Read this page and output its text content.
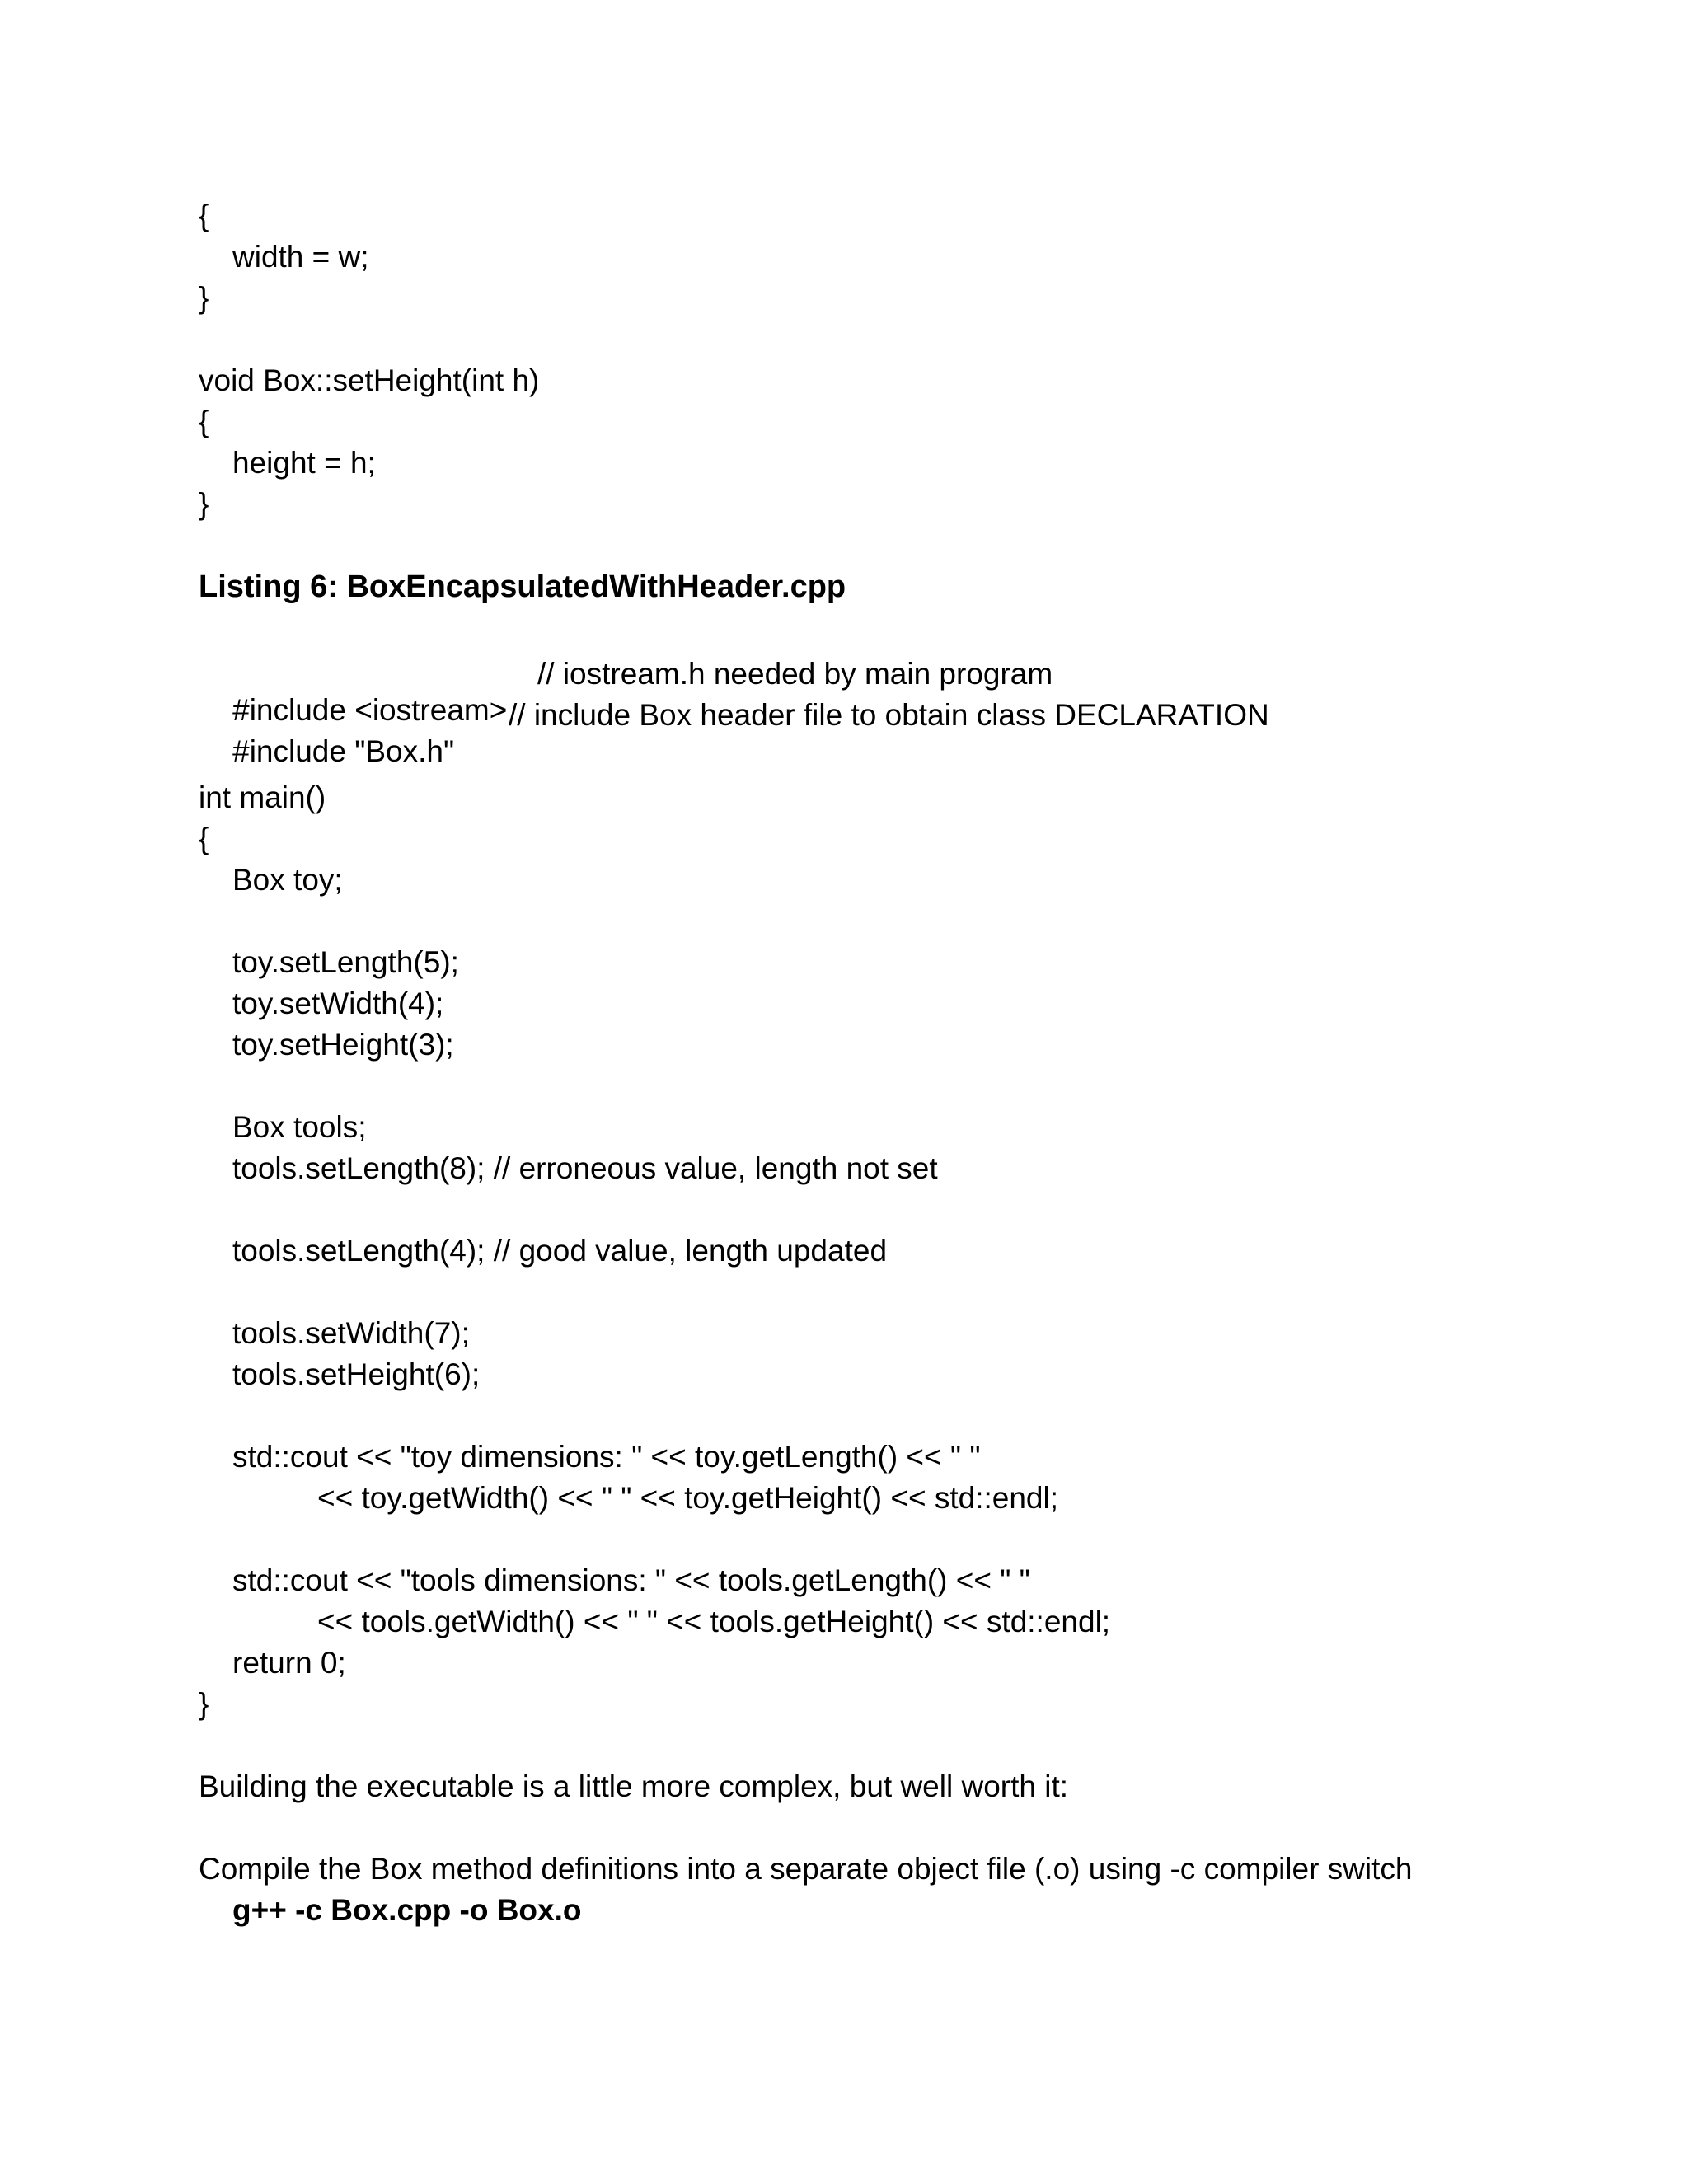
{
width = w;
}
void Box::setHeight(int h)
{
height = h;
}
Listing 6: BoxEncapsulatedWithHeader.cpp

#include <iostream>

// iostream.h needed by main program

#include "Box.h"

// include Box header file to obtain class DECLARATION
int main()
{
Box toy;
toy.setLength(5);
toy.setWidth(4);
toy.setHeight(3);
Box tools;
tools.setLength(8); // erroneous value, length not set
tools.setLength(4); // good value, length updated
tools.setWidth(7);
tools.setHeight(6);
std::cout << "toy dimensions: " << toy.getLength() << " "
<< toy.getWidth() << " " << toy.getHeight() << std::endl;
std::cout << "tools dimensions: " << tools.getLength() << " "
<< tools.getWidth() << " " << tools.getHeight() << std::endl;
return 0;
}
Building the executable is a little more complex, but well worth it:
Compile the Box method definitions into a separate object file (.o) using -c compiler switch
g++ -c Box.cpp -o Box.o
